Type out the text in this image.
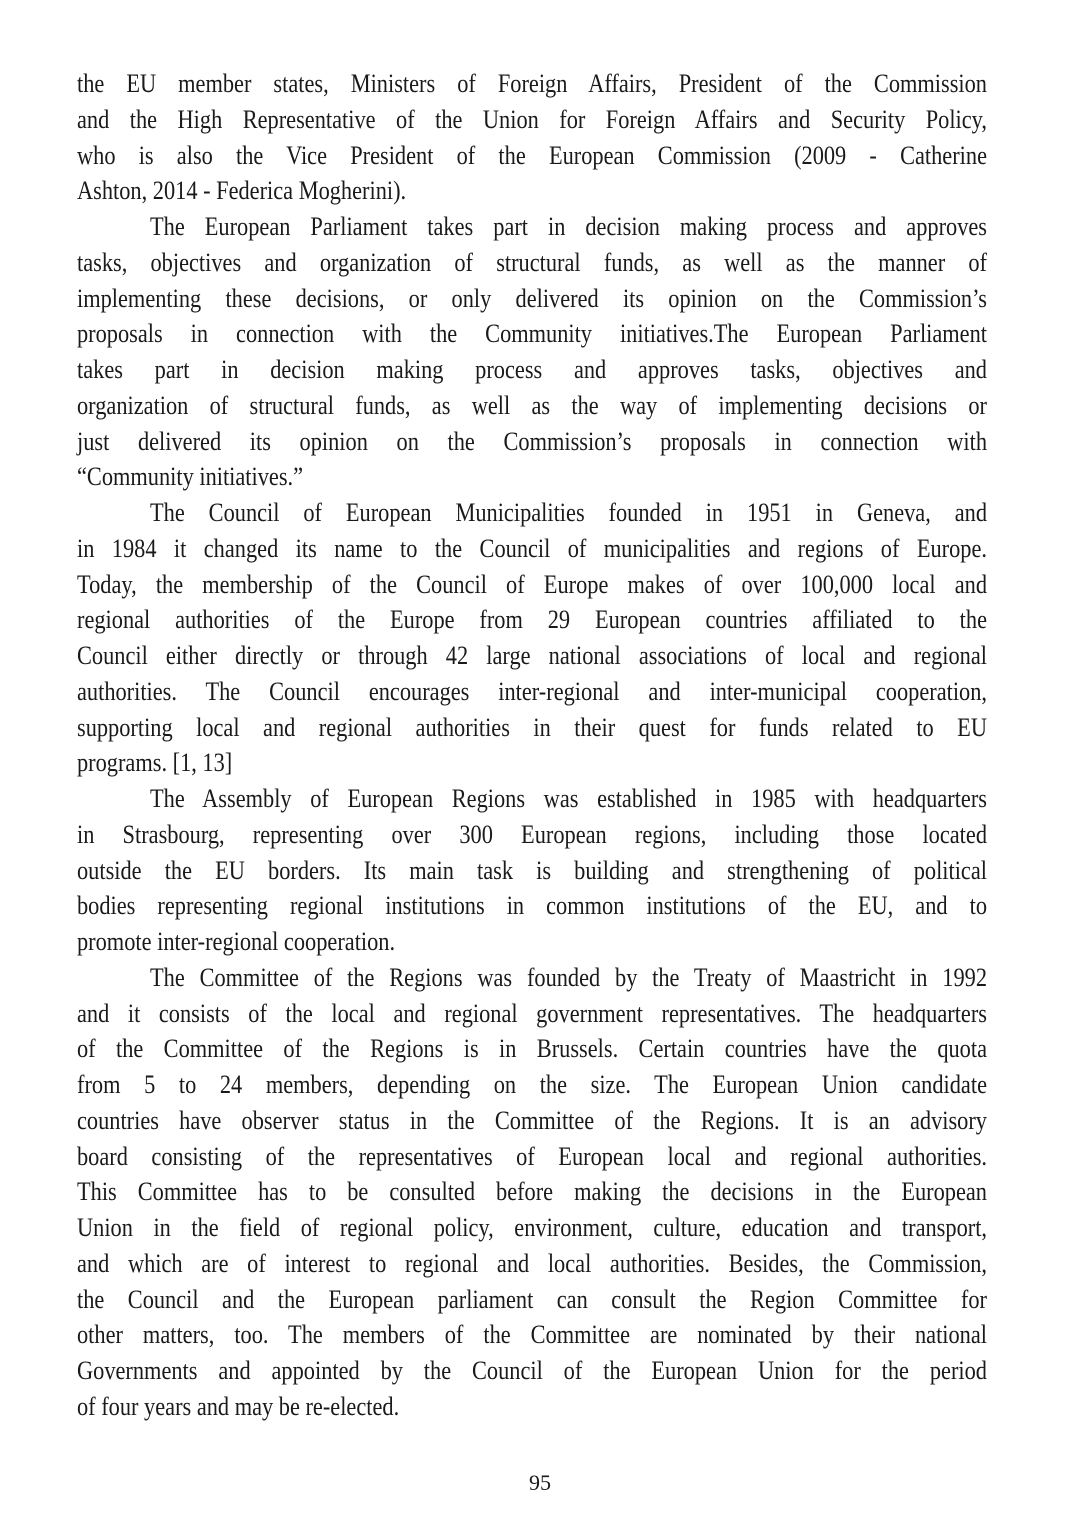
the EU member states, Ministers of Foreign Affairs, President of the Commission
and the High Representative of the Union for Foreign Affairs and Security Policy,
who is also the Vice President of the European Commission (2009 - Catherine
Ashton, 2014 - Federica Mogherini).
The European Parliament takes part in decision making process and approves
tasks, objectives and organization of structural funds, as well as the manner of
implementing these decisions, or only delivered its opinion on the Commission’s
proposals in connection with the Community initiatives.The European Parliament
takes part in decision making process and approves tasks, objectives and
organization of structural funds, as well as the way of implementing decisions or
just delivered its opinion on the Commission’s proposals in connection with
“Community initiatives.”
The Council of European Municipalities founded in 1951 in Geneva, and
in 1984 it changed its name to the Council of municipalities and regions of Europe.
Today, the membership of the Council of Europe makes of over 100,000 local and
regional authorities of the Europe from 29 European countries affiliated to the
Council either directly or through 42 large national associations of local and regional
authorities. The Council encourages inter-regional and inter-municipal cooperation,
supporting local and regional authorities in their quest for funds related to EU
programs. [1, 13]
The Assembly of European Regions was established in 1985 with headquarters
in Strasbourg, representing over 300 European regions, including those located
outside the EU borders. Its main task is building and strengthening of political
bodies representing regional institutions in common institutions of the EU, and to
promote inter-regional cooperation.
The Committee of the Regions was founded by the Treaty of Maastricht in 1992
and it consists of the local and regional government representatives. The headquarters
of the Committee of the Regions is in Brussels. Certain countries have the quota
from 5 to 24 members, depending on the size. The European Union candidate
countries have observer status in the Committee of the Regions. It is an advisory
board consisting of the representatives of European local and regional authorities.
This Committee has to be consulted before making the decisions in the European
Union in the field of regional policy, environment, culture, education and transport,
and which are of interest to regional and local authorities. Besides, the Commission,
the Council and the European parliament can consult the Region Committee for
other matters, too. The members of the Committee are nominated by their national
Governments and appointed by the Council of the European Union for the period
of four years and may be re-elected.
95
